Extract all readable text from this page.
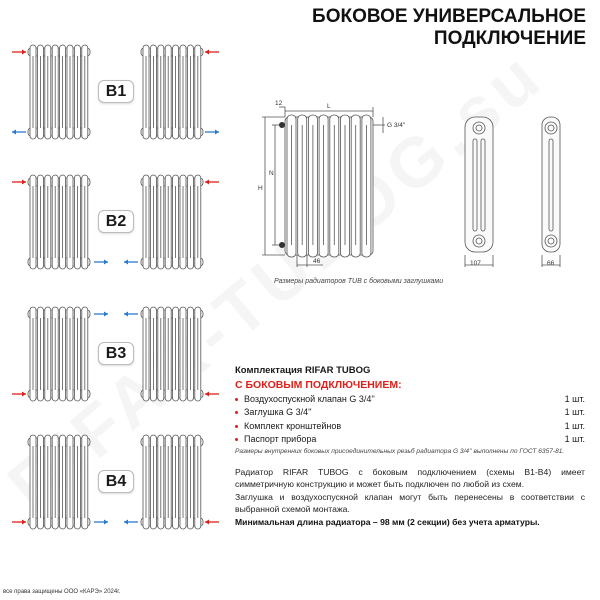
БОКОВОЕ УНИВЕРСАЛЬНОЕ
ПОДКЛЮЧЕНИЕ
B1
B2
B3
B4
12	L
G 3/4''
H
N
46	107	66
Размеры радиаторов TUB с боковыми заглушками
Комплектация RIFAR TUBOG
С БОКОВЫМ ПОДКЛЮЧЕНИЕМ:
Воздухоспускной клапан G 3/4''	1 шт.
Заглушка G 3/4''	1 шт.
Комплект кронштейнов	1 шт.
Паспорт прибора	1 шт.
Размеры внутренних боковых присоединительных резьб радиатора G 3/4'' выполнены по ГОСТ 6357-81.
Радиатор RIFAR TUBOG с боковым подключением (схемы В1-В4) имеет симметричную конструкцию и может быть подключен по любой из схем.
Заглушка и воздухоспускной клапан могут быть перенесены в соответствии с выбранной схемой монтажа.
Минимальная длина радиатора – 98 мм (2 секции) без учета арматуры.
все права защищены ООО «КАРЭ» 2024г.
